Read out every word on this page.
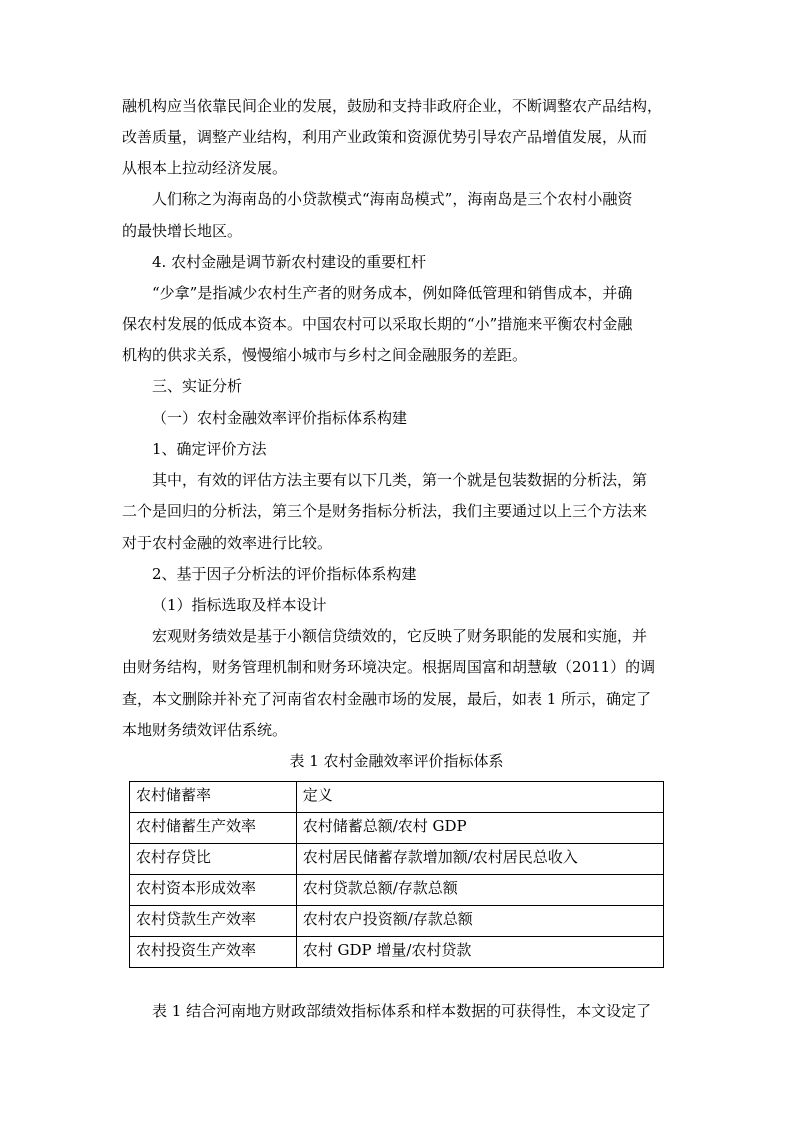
融机构应当依靠民间企业的发展，鼓励和支持非政府企业，不断调整农产品结构，
改善质量，调整产业结构，利用产业政策和资源优势引导农产品增值发展，从而
从根本上拉动经济发展。
人们称之为海南岛的小贷款模式“海南岛模式”，海南岛是三个农村小融资
的最快增长地区。
4. 农村金融是调节新农村建设的重要杠杆
“少拿”是指减少农村生产者的财务成本，例如降低管理和销售成本，并确
保农村发展的低成本资本。中国农村可以采取长期的“小”措施来平衡农村金融
机构的供求关系，慢慢缩小城市与乡村之间金融服务的差距。
三、实证分析
（一）农村金融效率评价指标体系构建
1、确定评价方法
其中，有效的评估方法主要有以下几类，第一个就是包装数据的分析法，第
二个是回归的分析法，第三个是财务指标分析法，我们主要通过以上三个方法来
对于农村金融的效率进行比较。
2、基于因子分析法的评价指标体系构建
（1）指标选取及样本设计
宏观财务绩效是基于小额信贷绩效的，它反映了财务职能的发展和实施，并
由财务结构，财务管理机制和财务环境决定。根据周国富和胡慧敏（2011）的调
查，本文删除并补充了河南省农村金融市场的发展，最后，如表 1 所示，确定了
本地财务绩效评估系统。
表 1 农村金融效率评价指标体系
农村储蓄率	定义
农村储蓄生产效率	农村储蓄总额/农村 GDP
农村存贷比	农村居民储蓄存款增加额/农村居民总收入
农村资本形成效率	农村贷款总额/存款总额
农村贷款生产效率	农村农户投资额/存款总额
农村投资生产效率	农村 GDP 增量/农村贷款
表 1 结合河南地方财政部绩效指标体系和样本数据的可获得性，本文设定了
